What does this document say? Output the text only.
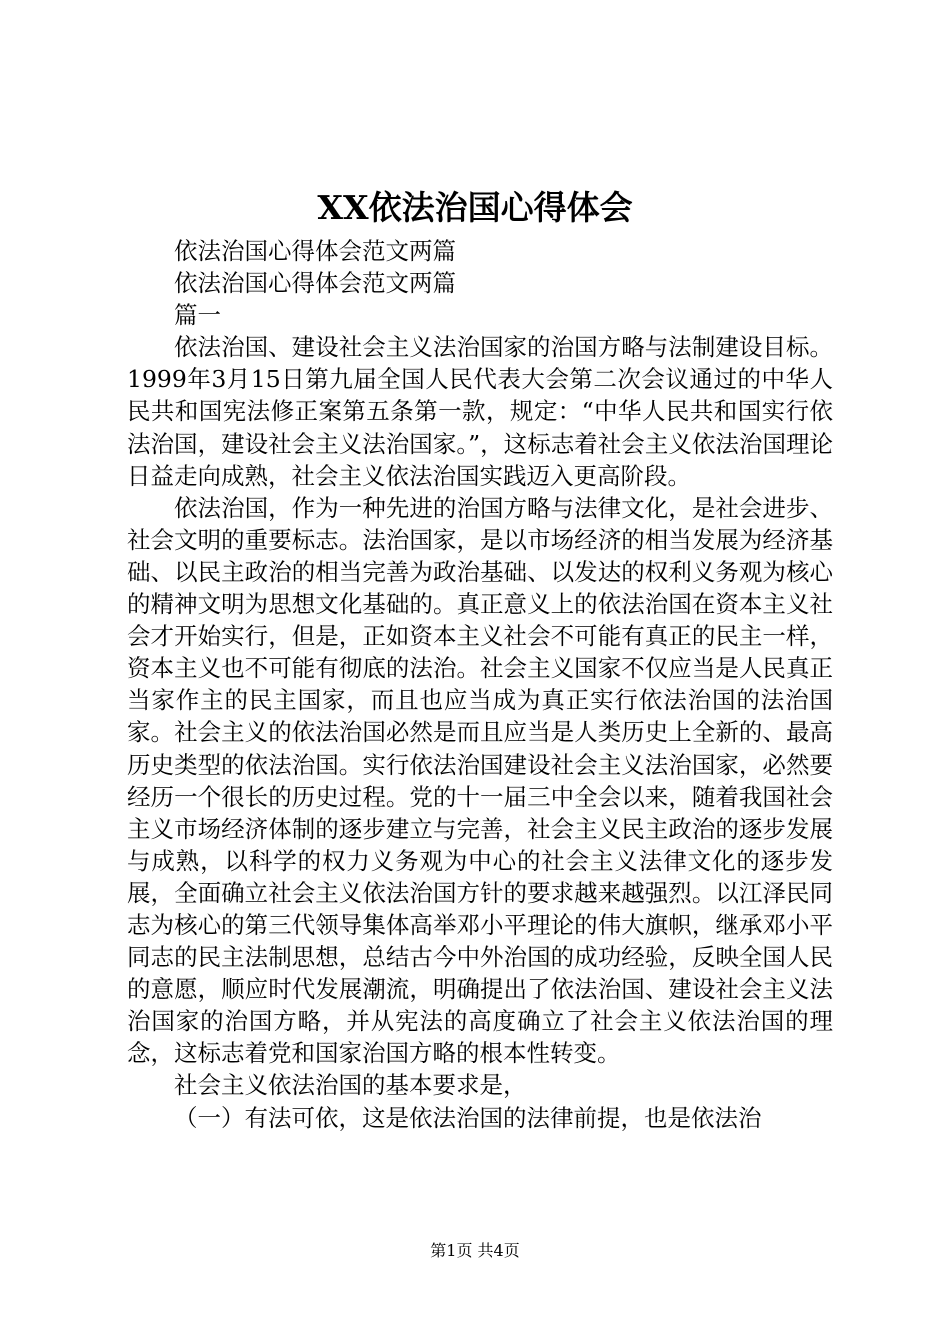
XX依法治国心得体会
依法治国心得体会范文两篇
依法治国心得体会范文两篇
篇一

依法治国、建设社会主义法治国家的治国方略与法制建设目标。1999年3月15日第九届全国人民代表大会第二次会议通过的中华人民共和国宪法修正案第五条第一款，规定：“中华人民共和国实行依法治国，建设社会主义法治国家。”，这标志着社会主义依法治国理论日益走向成熟，社会主义依法治国实践迈入更高阶段。

依法治国，作为一种先进的治国方略与法律文化，是社会进步、社会文明的重要标志。法治国家，是以市场经济的相当发展为经济基础、以民主政治的相当完善为政治基础、以发达的权利义务观为核心的精神文明为思想文化基础的。真正意义上的依法治国在资本主义社会才开始实行，但是，正如资本主义社会不可能有真正的民主一样，资本主义也不可能有彻底的法治。社会主义国家不仅应当是人民真正当家作主的民主国家，而且也应当成为真正实行依法治国的法治国家。社会主义的依法治国必然是而且应当是人类历史上全新的、最高历史类型的依法治国。实行依法治国建设社会主义法治国家，必然要经历一个很长的历史过程。党的十一届三中全会以来，随着我国社会主义市场经济体制的逐步建立与完善，社会主义民主政治的逐步发展与成熟，以科学的权力义务观为中心的社会主义法律文化的逐步发展，全面确立社会主义依法治国方针的要求越来越强烈。以江泽民同志为核心的第三代领导集体高举邓小平理论的伟大旗帜，继承邓小平同志的民主法制思想，总结古今中外治国的成功经验，反映全国人民的意愿，顺应时代发展潮流，明确提出了依法治国、建设社会主义法治国家的治国方略，并从宪法的高度确立了社会主义依法治国的理念，这标志着党和国家治国方略的根本性转变。

社会主义依法治国的基本要求是，

（一）有法可依，这是依法治国的法律前提，也是依法治

第1页 共4页
